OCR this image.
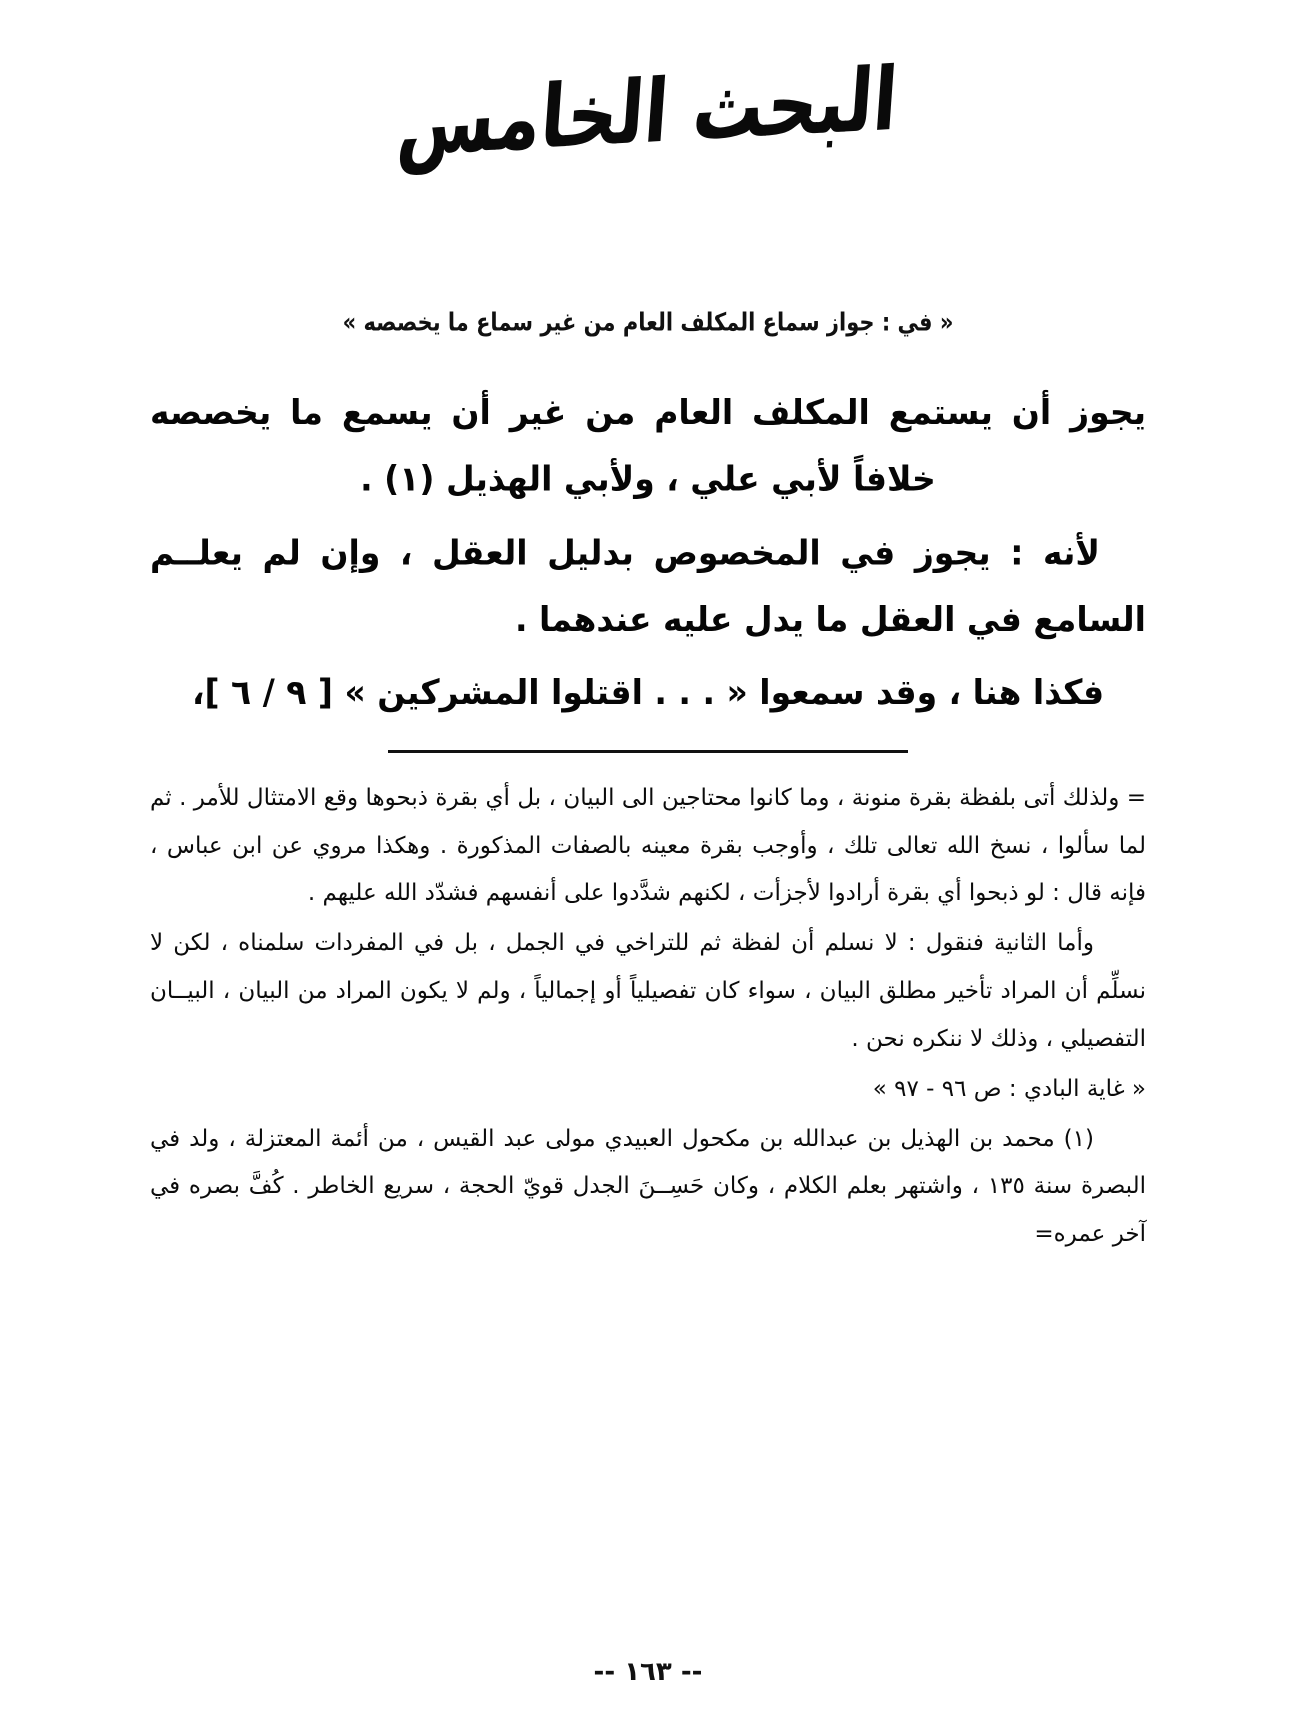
البحث الخامس
« في : جواز سماع المكلف العام من غير سماع ما يخصصه »

يجوز أن يستمع المكلف العام من غير أن يسمع ما يخصصه خلافاً لأبي علي ، ولأبي الهذيل (١) .

لأنه : يجوز في المخصوص بدليل العقل ، وإن لم يعلــم السامع في العقل ما يدل عليه عندهما .

فكذا هنا ، وقد سمعوا « . . . اقتلوا المشركين » [ ٩ / ٦ ]،

= ولذلك أتى بلفظة بقرة منونة ، وما كانوا محتاجين الى البيان ، بل أي بقرة ذبحوها وقع الامتثال للأمر . ثم لما سألوا ، نسخ الله تعالى تلك ، وأوجب بقرة معينه بالصفات المذكورة . وهكذا مروي عن ابن عباس ، فإنه قال : لو ذبحوا أي بقرة أرادوا لأجزأت ، لكنهم شدَّدوا على أنفسهم فشدّد الله عليهم .

وأما الثانية فنقول : لا نسلم أن لفظة ثم للتراخي في الجمل ، بل في المفردات سلمناه ، لكن لا نسلِّم أن المراد تأخير مطلق البيان ، سواء كان تفصيلياً أو إجمالياً ، ولم لا يكون المراد من البيان ، البيــان التفصيلي ، وذلك لا ننكره نحن .

« غاية البادي : ص ٩٦ - ٩٧ »

(١) محمد بن الهذيل بن عبدالله بن مكحول العبيدي مولى عبد القيس ، من أئمة المعتزلة ، ولد في البصرة سنة ١٣٥ ، واشتهر بعلم الكلام ، وكان حَسِــنَ الجدل قويّ الحجة ، سريع الخاطر . كُفَّ بصره في آخر عمره=

-- ١٦٣ --
